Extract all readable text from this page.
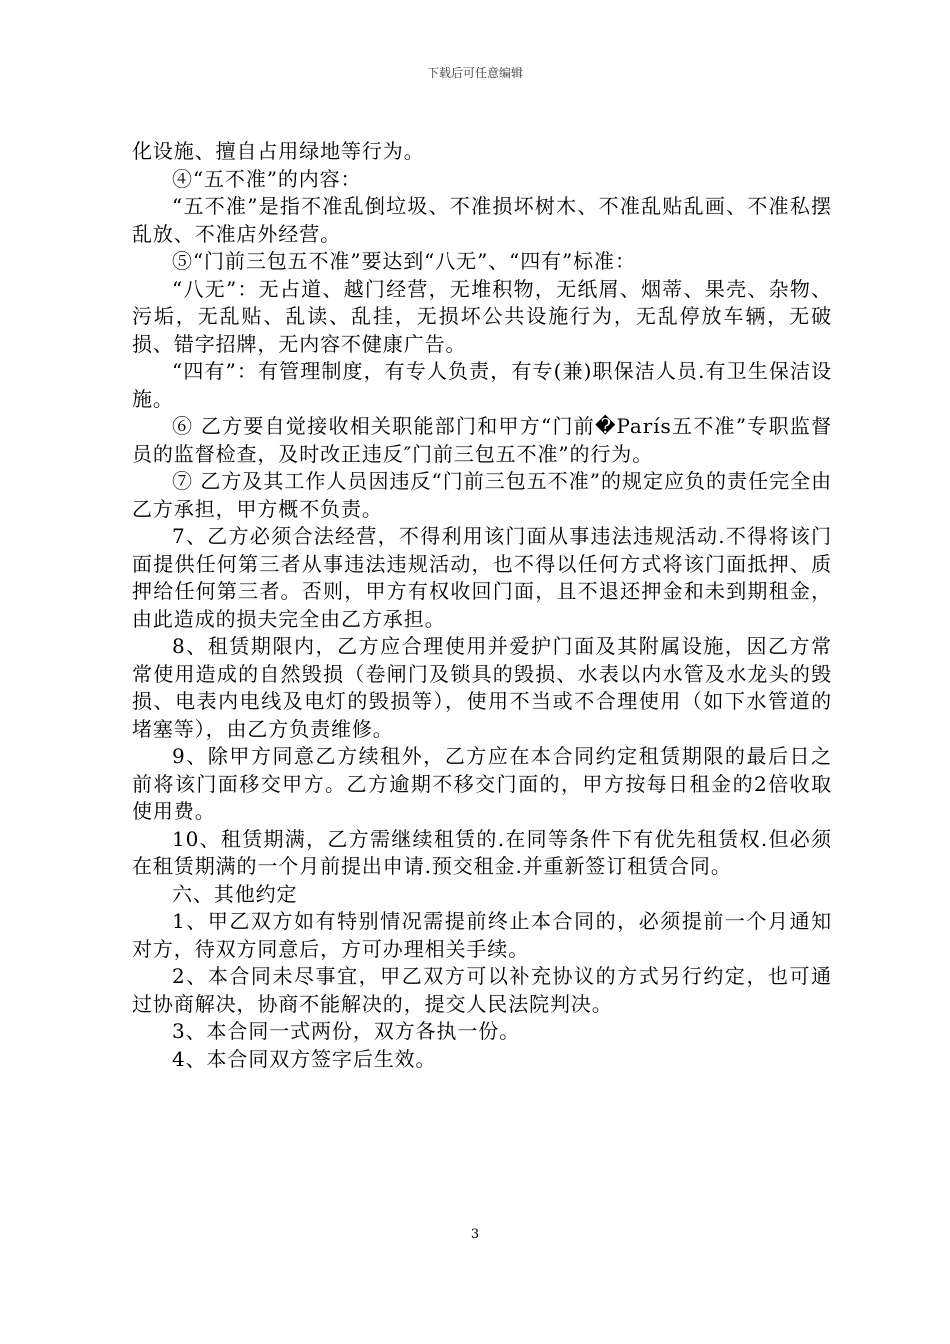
下载后可任意编辑

化设施、擅自占用绿地等行为。

④“五不准”的内容：

“五不准”是指不准乱倒垃圾、不准损坏树木、不准乱贴乱画、不准私摆乱放、不准店外经营。

⑤“门前三包五不准”要达到“八无”、“四有”标准：

“八无”：无占道、越门经营，无堆积物，无纸屑、烟蒂、果壳、杂物、污垢，无乱贴、乱读、乱挂，无损坏公共设施行为，无乱停放车辆，无破损、错字招牌，无内容不健康广告。

“四有”：有管理制度，有专人负责，有专(兼)职保洁人员.有卫生保洁设施。

⑥ 乙方要自觉接收相关职能部门和甲方“门前�París五不准”专职监督员的监督检查，及时改正违反″门前三包五不准”的行为。

⑦ 乙方及其工作人员因违反“门前三包五不准”的规定应负的责任完全由乙方承担，甲方概不负责。

7、乙方必须合法经营，不得利用该门面从事违法违规活动.不得将该门面提供任何第三者从事违法违规活动，也不得以任何方式将该门面抵押、质押给任何第三者。否则，甲方有权收回门面，且不退还押金和未到期租金，由此造成的损夫完全由乙方承担。

8、租赁期限内，乙方应合理使用并爱护门面及其附属设施，因乙方常常使用造成的自然毁损（卷闸门及锁具的毁损、水表以内水管及水龙头的毁损、电表内电线及电灯的毁损等），使用不当或不合理使用（如下水管道的堵塞等），由乙方负责维修。

9、除甲方同意乙方续租外，乙方应在本合同约定租赁期限的最后日之前将该门面移交甲方。乙方逾期不移交门面的，甲方按每日租金的2倍收取使用费。

10、租赁期满，乙方需继续租赁的.在同等条件下有优先租赁权.但必须在租赁期满的一个月前提出申请.预交租金.并重新签订租赁合同。

六、其他约定

1、甲乙双方如有特别情况需提前终止本合同的，必须提前一个月通知对方，待双方同意后，方可办理相关手续。

2、本合同未尽事宜，甲乙双方可以补充协议的方式另行约定，也可通过协商解决，协商不能解决的，提交人民法院判决。

3、本合同一式两份，双方各执一份。

4、本合同双方签字后生效。

3
